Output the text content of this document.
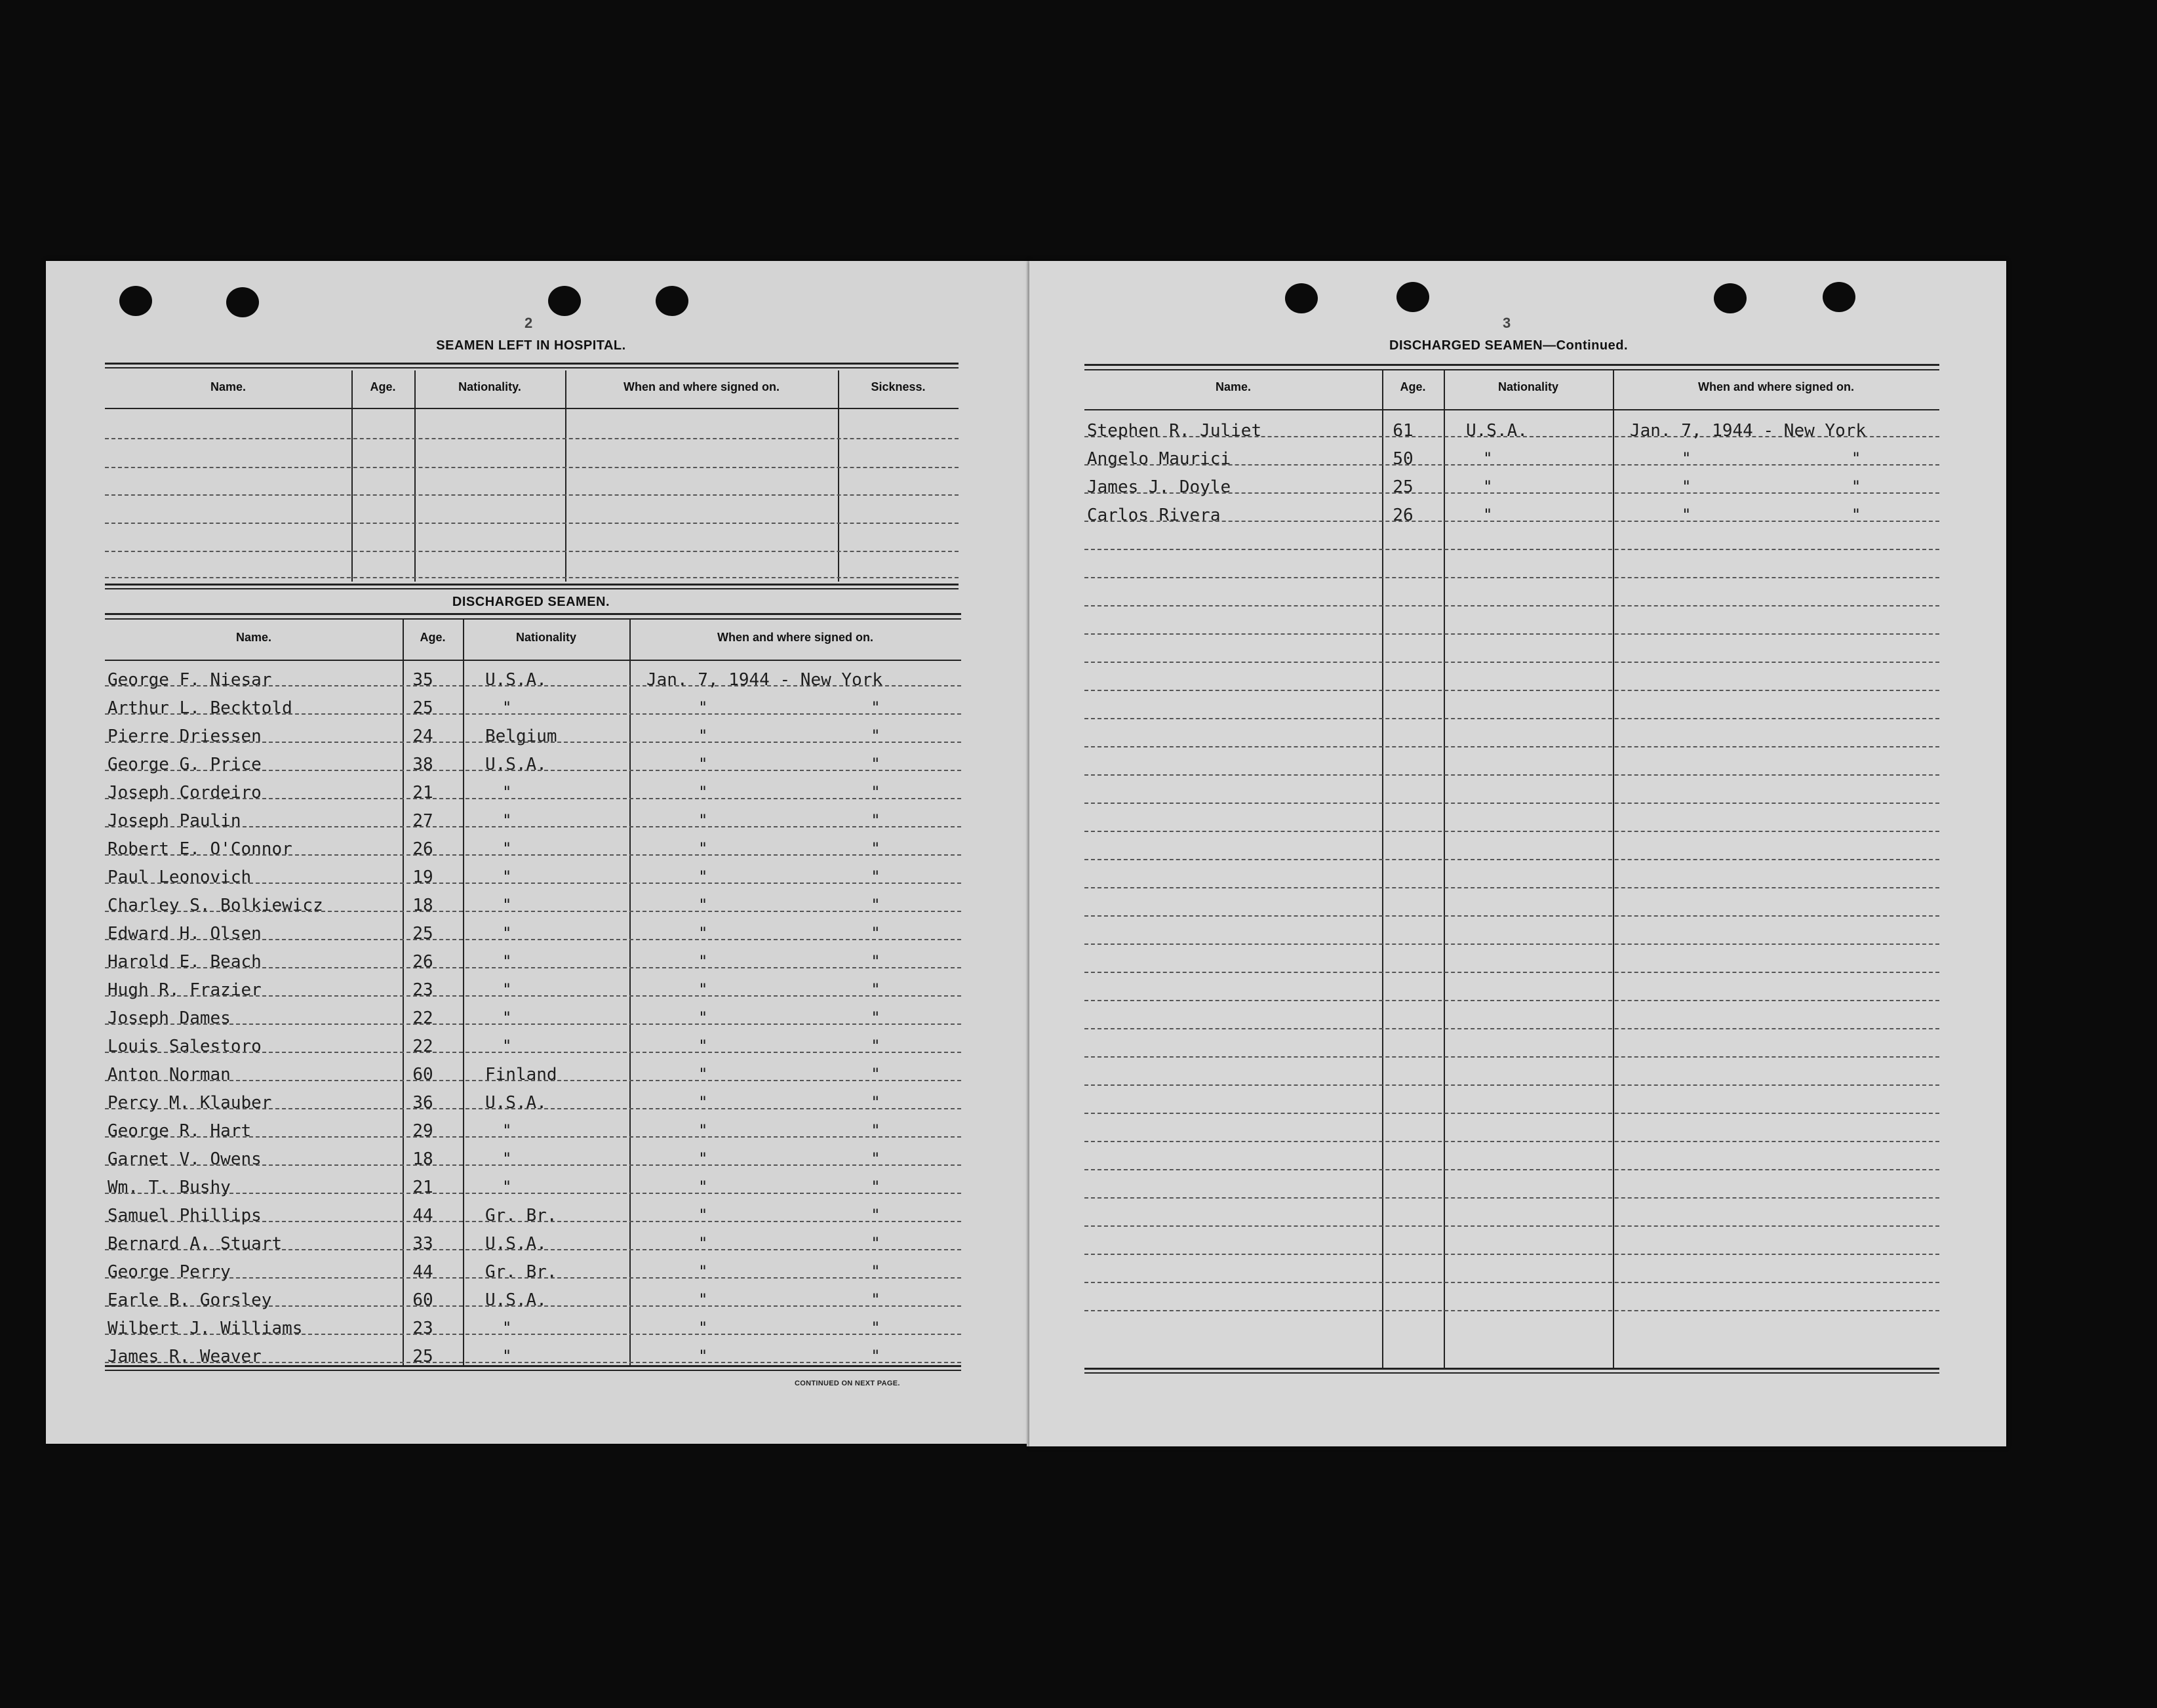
2
SEAMEN LEFT IN HOSPITAL.
DISCHARGED SEAMEN.
CONTINUED ON NEXT PAGE.
3
DISCHARGED SEAMEN—Continued.
Name.	Age.	Nationality.	When and where signed on.	Sickness.
Name.	Age.	Nationality	When and where signed on.
George F. Niesar	35	U.S.A.	Jan. 7, 1944 - New York
Arthur L. Becktold	25	"	"	"
Pierre Driessen	24	Belgium	"	"
George G. Price	38	U.S.A.	"	"
Joseph Cordeiro	21	"	"	"
Joseph Paulin	27	"	"	"
Robert E. O'Connor	26	"	"	"
Paul Leonovich	19	"	"	"
Charley S. Bolkiewicz	18	"	"	"
Edward H. Olsen	25	"	"	"
Harold E. Beach	26	"	"	"
Hugh R. Frazier	23	"	"	"
Joseph Dames	22	"	"	"
Louis Salestoro	22	"	"	"
Anton Norman	60	Finland	"	"
Percy M. Klauber	36	U.S.A.	"	"
George R. Hart	29	"	"	"
Garnet V. Owens	18	"	"	"
Wm. T. Bushy	21	"	"	"
Samuel Phillips	44	Gr. Br.	"	"
Bernard A. Stuart	33	U.S.A.	"	"
George Perry	44	Gr. Br.	"	"
Earle B. Gorsley	60	U.S.A.	"	"
Wilbert J. Williams	23	"	"	"
James R. Weaver	25	"	"	"
Name.	Age.	Nationality	When and where signed on.
Stephen R. Juliet	61	U.S.A.	Jan. 7, 1944 - New York
Angelo Maurici	50	"	"	"
James J. Doyle	25	"	"	"
Carlos Rivera	26	"	"	"
